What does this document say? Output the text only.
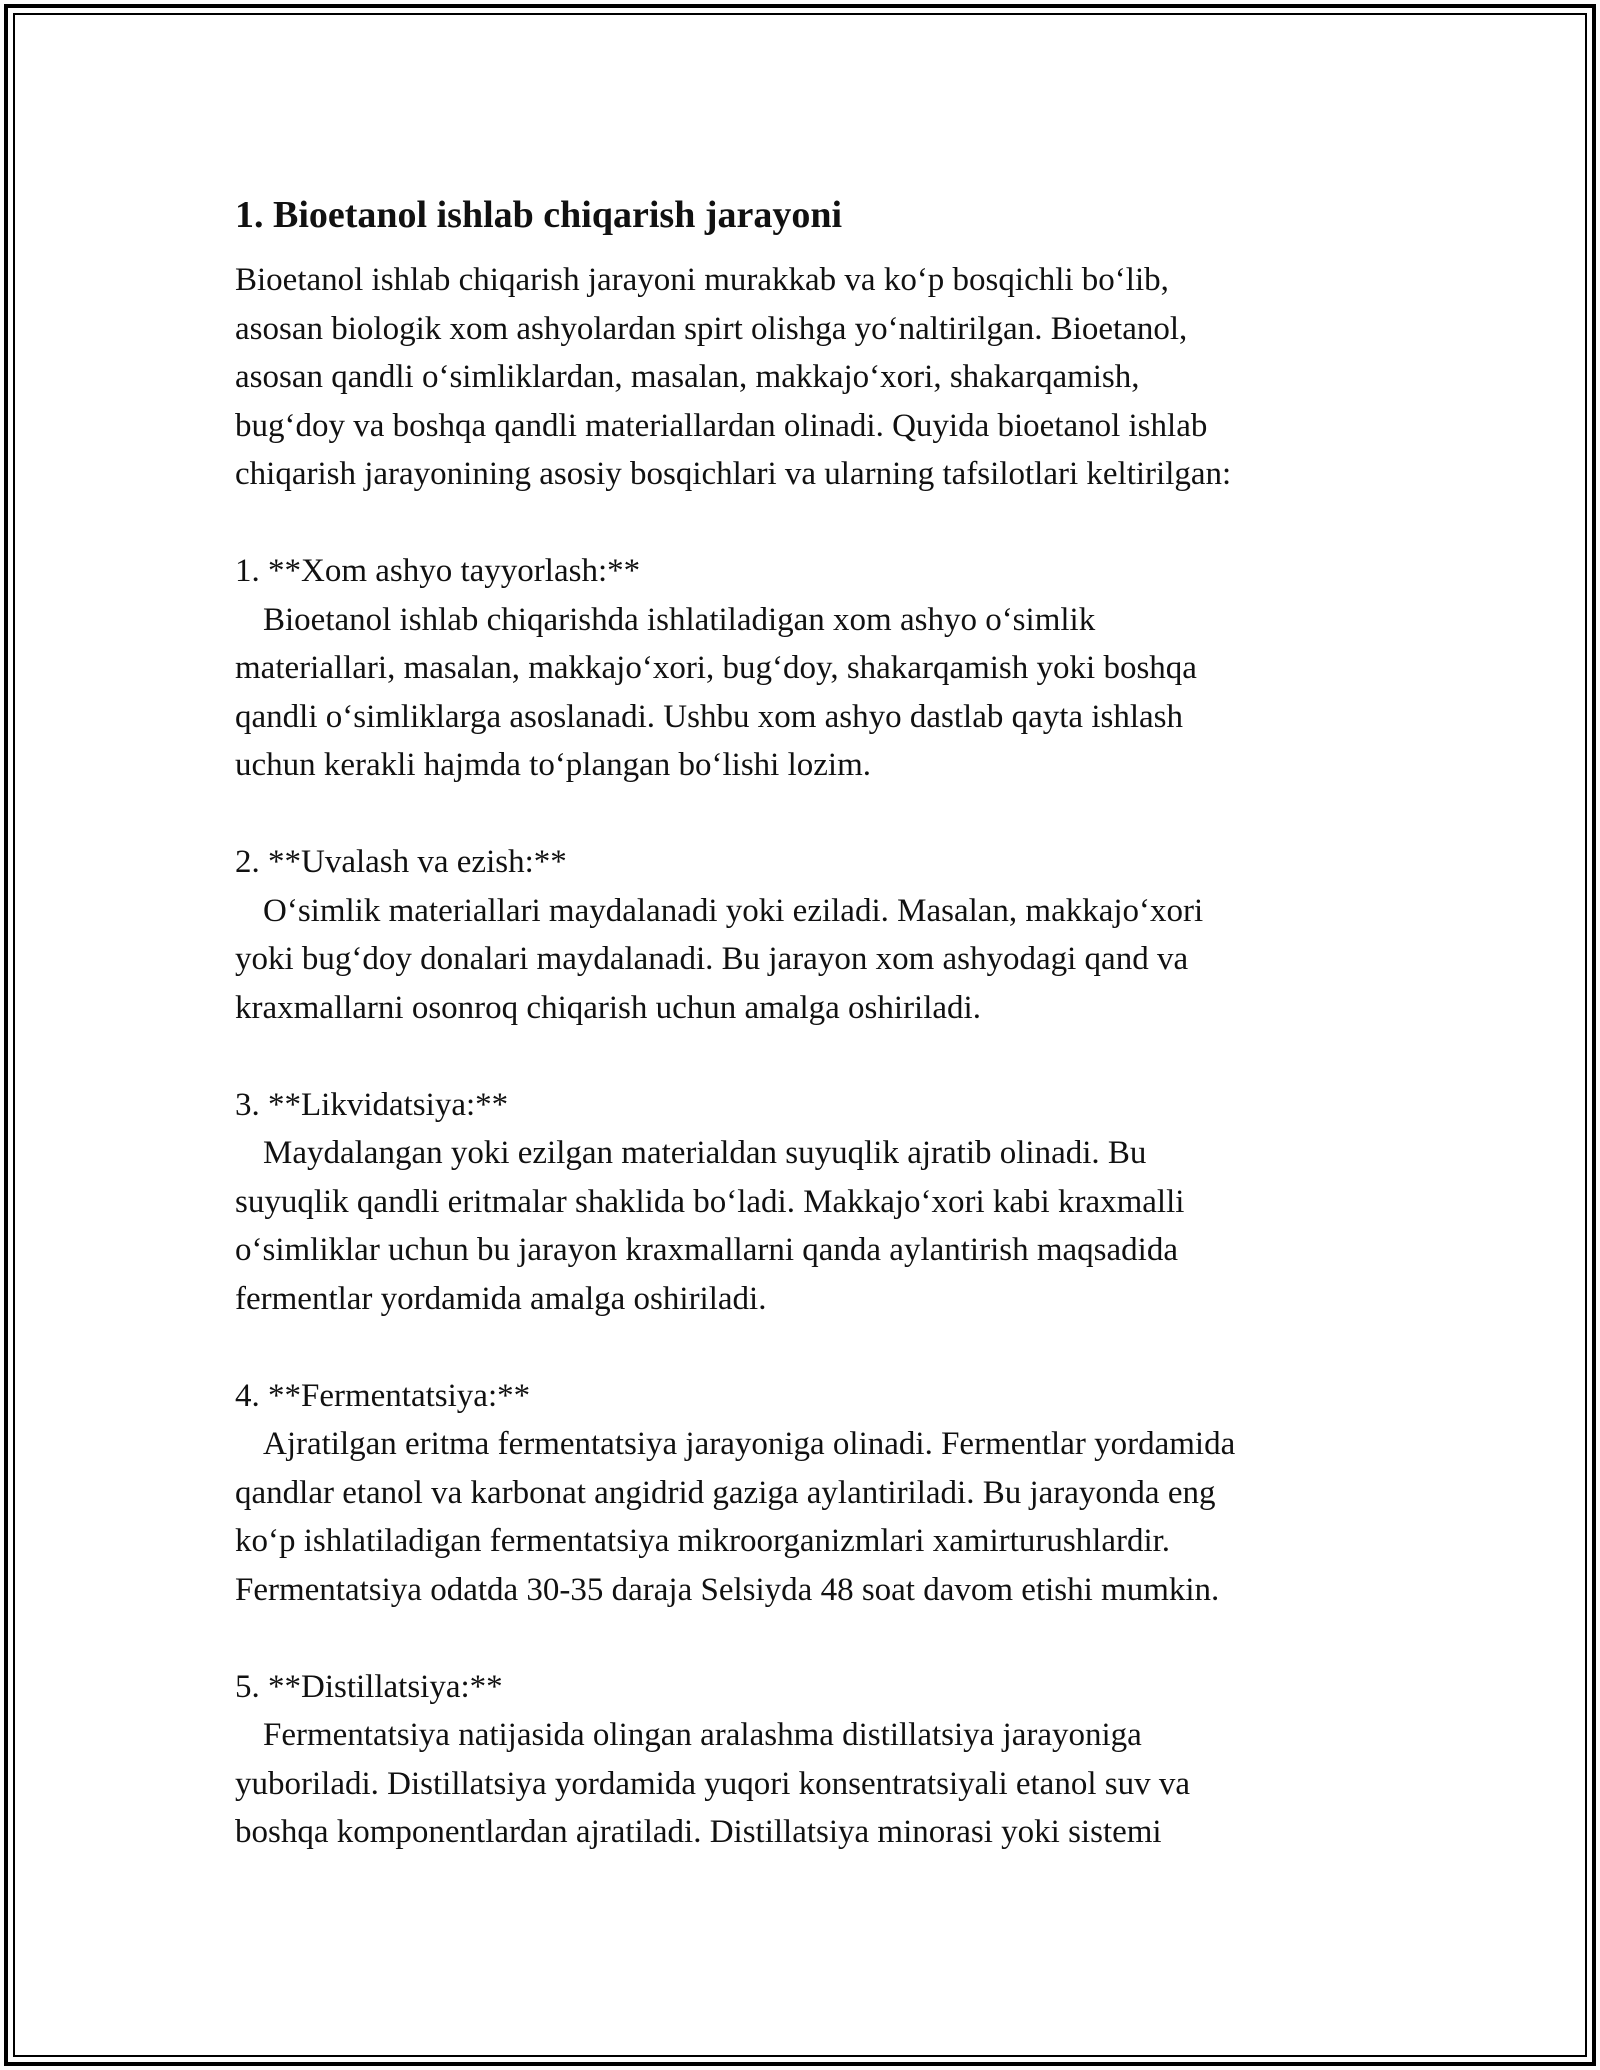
1. Bioetanol ishlab chiqarish jarayoni
Bioetanol ishlab chiqarish jarayoni murakkab va ko‘p bosqichli bo‘lib,
asosan biologik xom ashyolardan spirt olishga yo‘naltirilgan. Bioetanol,
asosan qandli o‘simliklardan, masalan, makkajo‘xori, shakarqamish,
bug‘doy va boshqa qandli materiallardan olinadi. Quyida bioetanol ishlab
chiqarish jarayonining asosiy bosqichlari va ularning tafsilotlari keltirilgan:
1. **Xom ashyo tayyorlash:**
Bioetanol ishlab chiqarishda ishlatiladigan xom ashyo o‘simlik
materiallari, masalan, makkajo‘xori, bug‘doy, shakarqamish yoki boshqa
qandli o‘simliklarga asoslanadi. Ushbu xom ashyo dastlab qayta ishlash
uchun kerakli hajmda to‘plangan bo‘lishi lozim.
2. **Uvalash va ezish:**
O‘simlik materiallari maydalanadi yoki eziladi. Masalan, makkajo‘xori
yoki bug‘doy donalari maydalanadi. Bu jarayon xom ashyodagi qand va
kraxmallarni osonroq chiqarish uchun amalga oshiriladi.
3. **Likvidatsiya:**
Maydalangan yoki ezilgan materialdan suyuqlik ajratib olinadi. Bu
suyuqlik qandli eritmalar shaklida bo‘ladi. Makkajo‘xori kabi kraxmalli
o‘simliklar uchun bu jarayon kraxmallarni qanda aylantirish maqsadida
fermentlar yordamida amalga oshiriladi.
4. **Fermentatsiya:**
Ajratilgan eritma fermentatsiya jarayoniga olinadi. Fermentlar yordamida
qandlar etanol va karbonat angidrid gaziga aylantiriladi. Bu jarayonda eng
ko‘p ishlatiladigan fermentatsiya mikroorganizmlari xamirturushlardir.
Fermentatsiya odatda 30-35 daraja Selsiyda 48 soat davom etishi mumkin.
5. **Distillatsiya:**
Fermentatsiya natijasida olingan aralashma distillatsiya jarayoniga
yuboriladi. Distillatsiya yordamida yuqori konsentratsiyali etanol suv va
boshqa komponentlardan ajratiladi. Distillatsiya minorasi yoki sistemi
